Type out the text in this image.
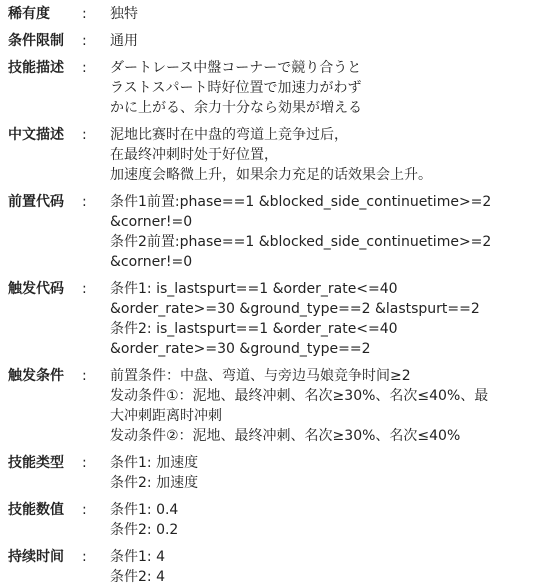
稀有度	:	独特
条件限制	:	通用
技能描述	:	ダートレース中盤コーナーで競り合うと
ラストスパート時好位置で加速力がわず
かに上がる、余力十分なら効果が増える
中文描述	:	泥地比赛时在中盘的弯道上竞争过后，
在最终冲刺时处于好位置，
加速度会略微上升，如果余力充足的话效果会上升。
前置代码	:	条件1前置:phase==1 &blocked_side_continuetime>=2
&corner!=0
条件2前置:phase==1 &blocked_side_continuetime>=2
&corner!=0
触发代码	:	条件1: is_lastspurt==1 &order_rate<=40
&order_rate>=30 &ground_type==2 &lastspurt==2
条件2: is_lastspurt==1 &order_rate<=40
&order_rate>=30 &ground_type==2
触发条件	:	前置条件：中盘、弯道、与旁边马娘竞争时间≥2
发动条件①：泥地、最终冲刺、名次≥30%、名次≤40%、最
大冲刺距离时冲刺
发动条件②：泥地、最终冲刺、名次≥30%、名次≤40%
技能类型	:	条件1: 加速度
条件2: 加速度
技能数值	:	条件1: 0.4
条件2: 0.2
持续时间	:	条件1: 4
条件2: 4
